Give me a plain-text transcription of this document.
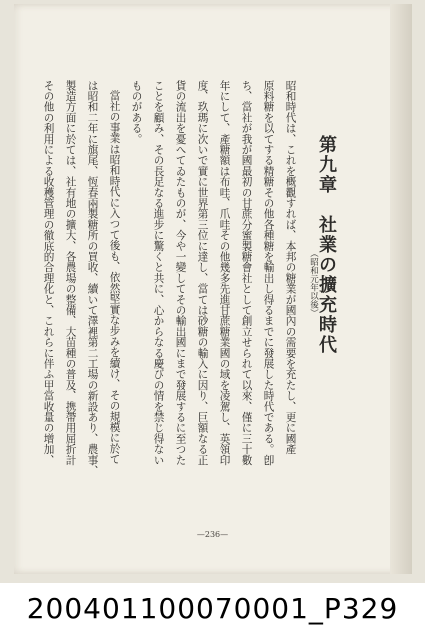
第九章　社業の擴充時代
（昭和元年以後）
昭和時代は、これを概觀すれば、本邦の糖業が國內の需要を充たし、更に國產
原料糖を以てする精糖その他各種糖を輸出し得るまでに發展した時代である。卽
ち、當社が我が國最初の甘蔗分蜜製糖會社として創立せられて以來、僅に三十數
年にして、產糖額は布哇、爪哇その他幾多先進甘蔗糖業國の域を凌駕し、英領印
度、玖瑪に次いで實に世界第三位に達し、當ては砂糖の輸入に因り、巨額なる正
貨の流出を憂へてゐたものが、今や一變してその輸出國にまで發展するに至つた
ことを顧み、その長足なる進步に驚くと共に、心からなる慶びの情を禁じ得ない
ものがある。
當社の事業は昭和時代に入つて後も、依然堅實な步みを續け、その規模に於て
は昭和二年に旗尾、恆春兩製糖所の買收、續いて澤裡第二工場の新設あり、農事、
製造方面に於ては、社有地の擴大、各農場の整備、大苗種の普及、携帶用屈折計
その他の利用による收穫管理の徹底的合理化と、これらに伴ふ甲當收量の增加、
—236—
200401100070001_P329
